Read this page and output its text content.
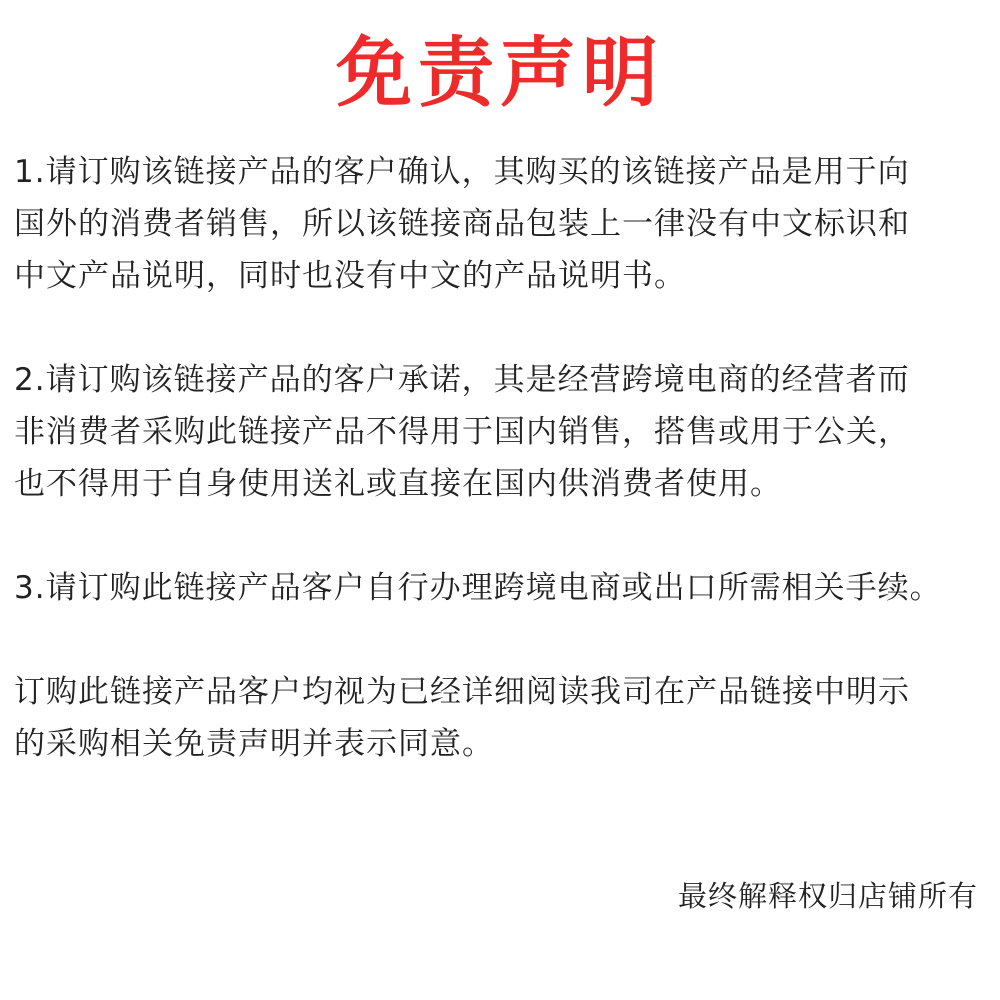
免责声明

1.请订购该链接产品的客户确认，其购买的该链接产品是用于向
国外的消费者销售，所以该链接商品包装上一律没有中文标识和
中文产品说明，同时也没有中文的产品说明书。

2.请订购该链接产品的客户承诺，其是经营跨境电商的经营者而
非消费者采购此链接产品不得用于国内销售，搭售或用于公关，
也不得用于自身使用送礼或直接在国内供消费者使用。

3.请订购此链接产品客户自行办理跨境电商或出口所需相关手续。

订购此链接产品客户均视为已经详细阅读我司在产品链接中明示
的采购相关免责声明并表示同意。

最终解释权归店铺所有
